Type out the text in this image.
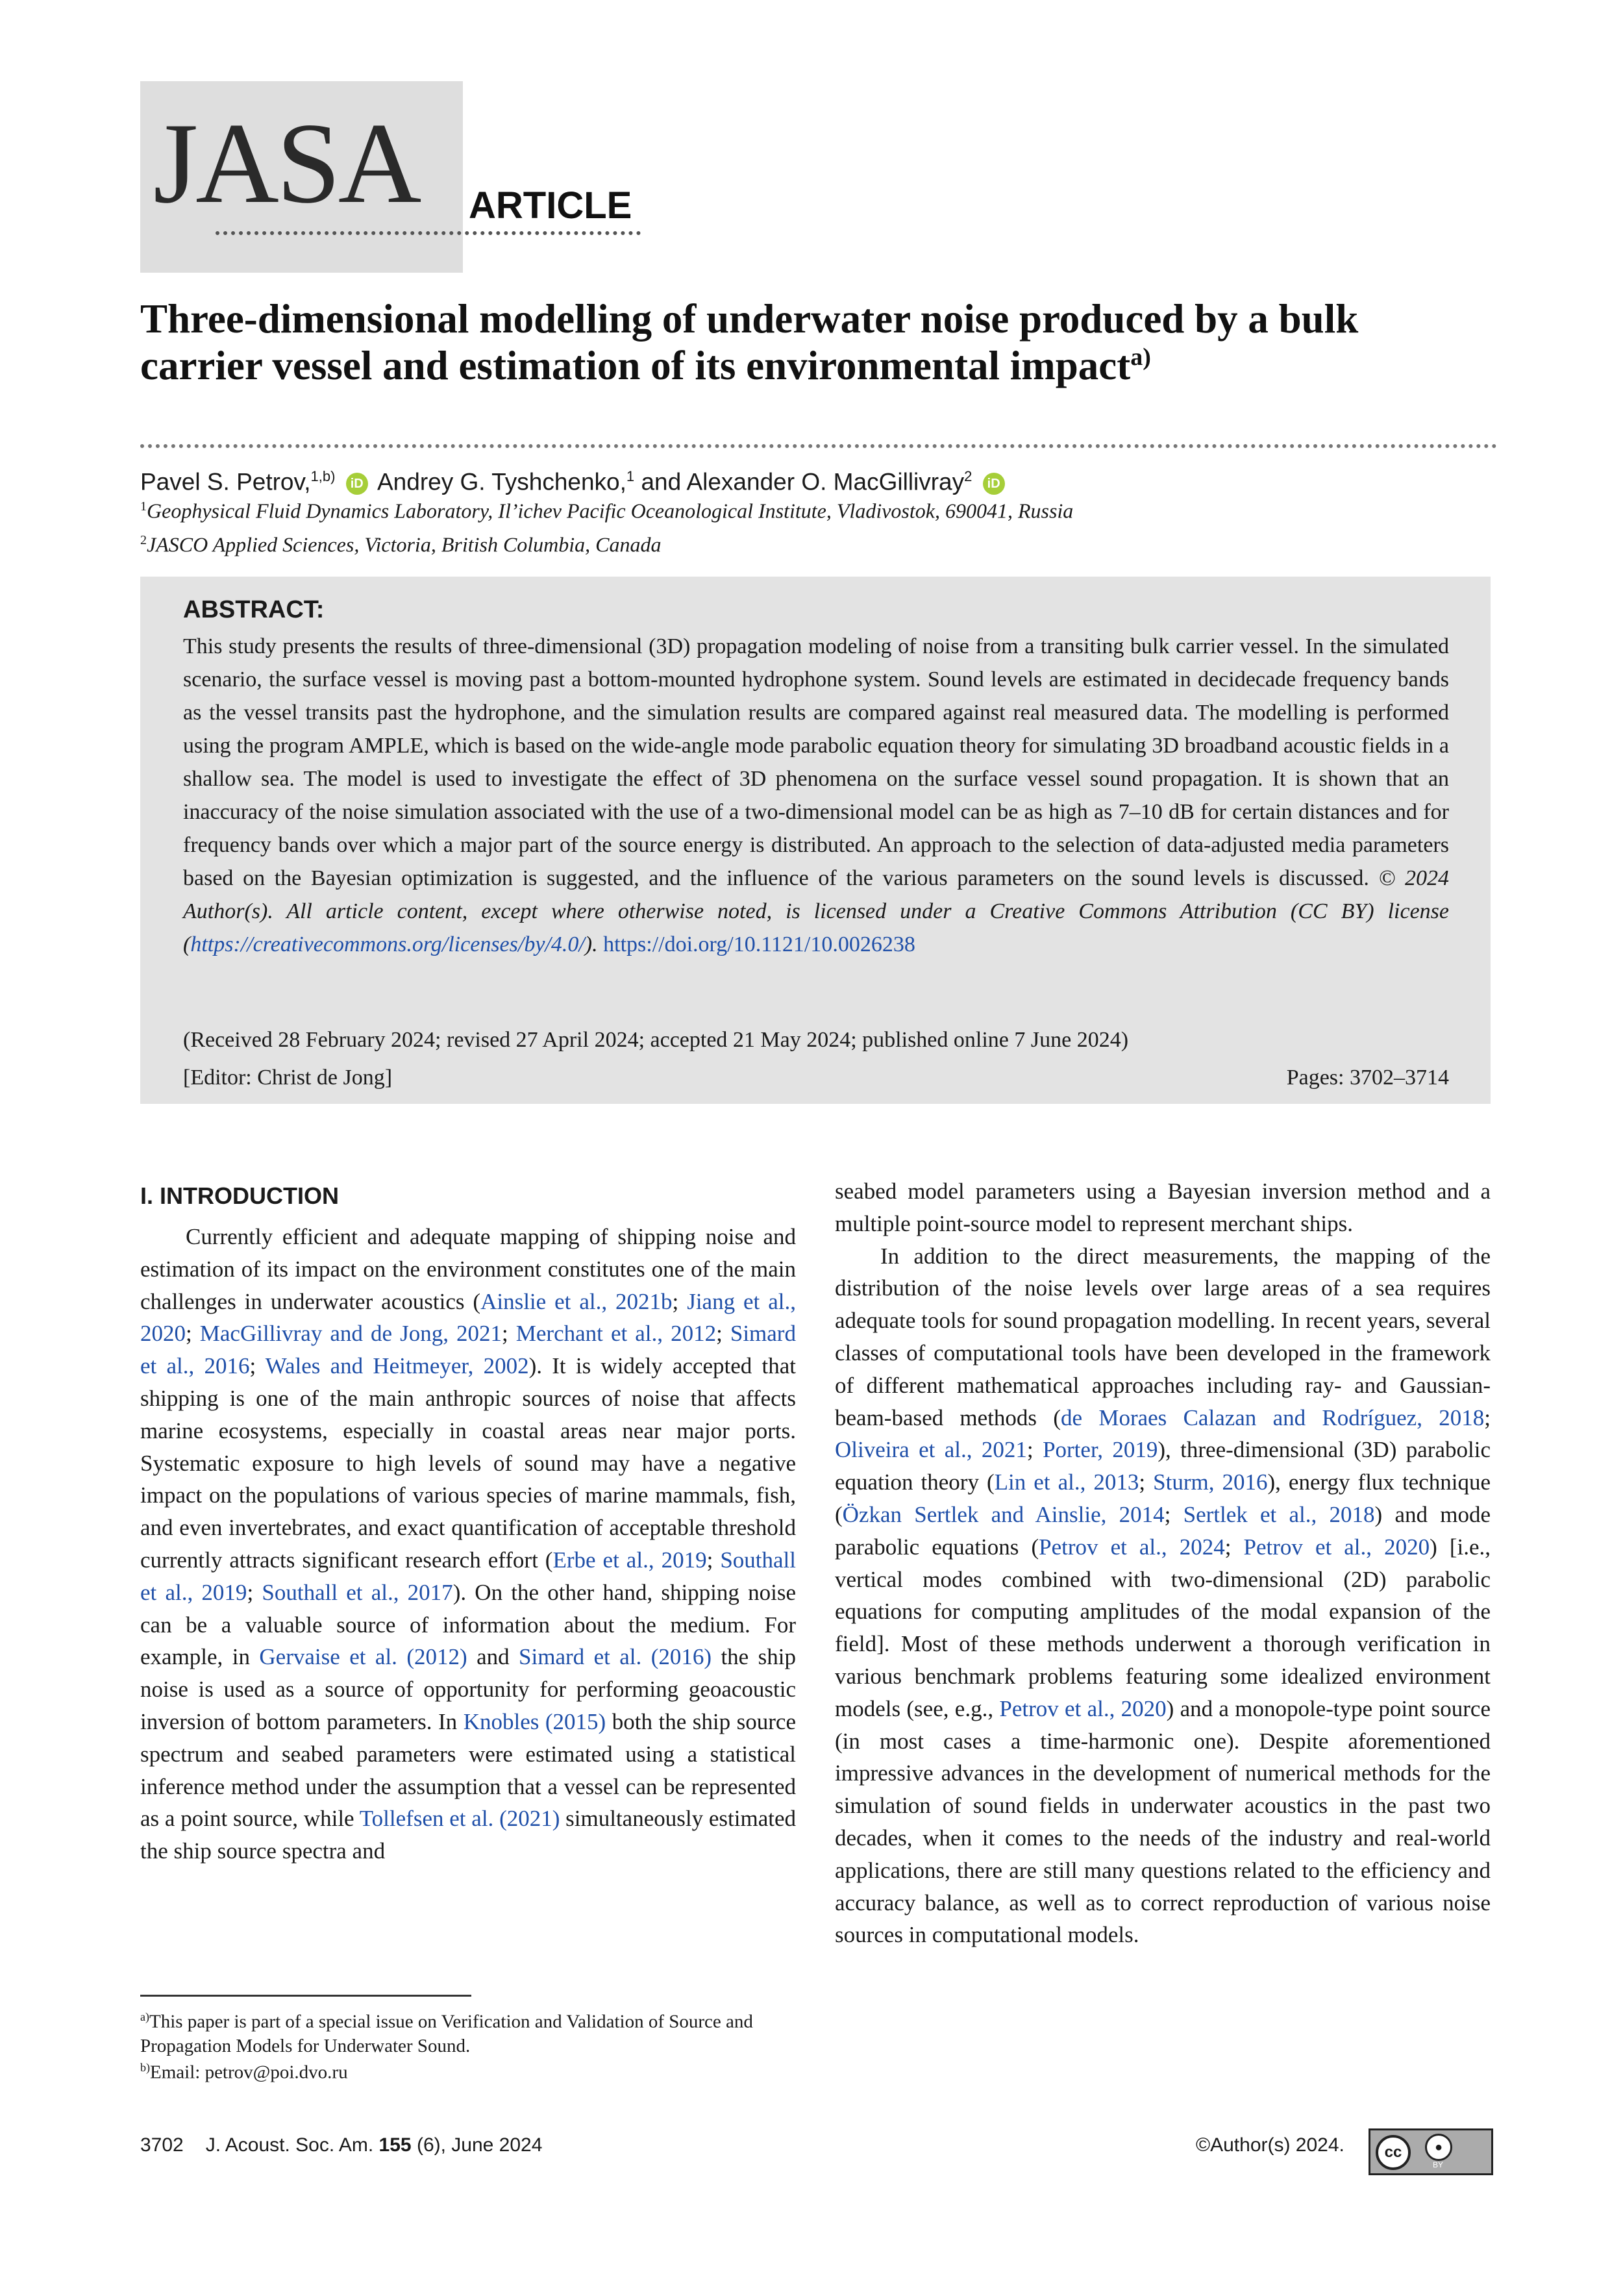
JASA ARTICLE
Three-dimensional modelling of underwater noise produced by a bulk carrier vessel and estimation of its environmental impact$^{a)}$
Pavel S. Petrov,$^{1,b)}$ iD Andrey G. Tyshchenko,$^1$ and Alexander O. MacGillivray$^2$ iD
$^1$Geophysical Fluid Dynamics Laboratory, Il’ichev Pacific Oceanological Institute, Vladivostok, 690041, Russia
$^2$JASCO Applied Sciences, Victoria, British Columbia, Canada
ABSTRACT:

This study presents the results of three-dimensional (3D) propagation modeling of noise from a transiting bulk carrier vessel. In the simulated scenario, the surface vessel is moving past a bottom-mounted hydrophone system. Sound levels are estimated in decidecade frequency bands as the vessel transits past the hydrophone, and the simulation results are compared against real measured data. The modelling is performed using the program AMPLE, which is based on the wide-angle mode parabolic equation theory for simulating 3D broadband acoustic fields in a shallow sea. The model is used to investigate the effect of 3D phenomena on the surface vessel sound propagation. It is shown that an inaccuracy of the noise simulation associated with the use of a two-dimensional model can be as high as 7–10 dB for certain distances and for frequency bands over which a major part of the source energy is distributed. An approach to the selection of data-adjusted media parameters based on the Bayesian optimization is suggested, and the influence of the various parameters on the sound levels is discussed. © 2024 Author(s). All article content, except where otherwise noted, is licensed under a Creative Commons Attribution (CC BY) license (https://creativecommons.org/licenses/by/4.0/). https://doi.org/10.1121/10.0026238

(Received 28 February 2024; revised 27 April 2024; accepted 21 May 2024; published online 7 June 2024)
[Editor: Christ de Jong]	Pages: 3702–3714
I. INTRODUCTION

Currently efficient and adequate mapping of shipping noise and estimation of its impact on the environment constitutes one of the main challenges in underwater acoustics (Ainslie et al., 2021b; Jiang et al., 2020; MacGillivray and de Jong, 2021; Merchant et al., 2012; Simard et al., 2016; Wales and Heitmeyer, 2002). It is widely accepted that shipping is one of the main anthropic sources of noise that affects marine ecosystems, especially in coastal areas near major ports. Systematic exposure to high levels of sound may have a negative impact on the populations of various species of marine mammals, fish, and even invertebrates, and exact quantification of acceptable threshold currently attracts significant research effort (Erbe et al., 2019; Southall et al., 2019; Southall et al., 2017). On the other hand, shipping noise can be a valuable source of information about the medium. For example, in Gervaise et al. (2012) and Simard et al. (2016) the ship noise is used as a source of opportunity for performing geoacoustic inversion of bottom parameters. In Knobles (2015) both the ship source spectrum and seabed parameters were estimated using a statistical inference method under the assumption that a vessel can be represented as a point source, while Tollefsen et al. (2021) simultaneously estimated the ship source spectra and

seabed model parameters using a Bayesian inversion method and a multiple point-source model to represent merchant ships.

In addition to the direct measurements, the mapping of the distribution of the noise levels over large areas of a sea requires adequate tools for sound propagation modelling. In recent years, several classes of computational tools have been developed in the framework of different mathematical approaches including ray- and Gaussian-beam-based methods (de Moraes Calazan and Rodríguez, 2018; Oliveira et al., 2021; Porter, 2019), three-dimensional (3D) parabolic equation theory (Lin et al., 2013; Sturm, 2016), energy flux technique (Özkan Sertlek and Ainslie, 2014; Sertlek et al., 2018) and mode parabolic equations (Petrov et al., 2024; Petrov et al., 2020) [i.e., vertical modes combined with two-dimensional (2D) parabolic equations for computing amplitudes of the modal expansion of the field]. Most of these methods underwent a thorough verification in various benchmark problems featuring some idealized environment models (see, e.g., Petrov et al., 2020) and a monopole-type point source (in most cases a time-harmonic one). Despite aforementioned impressive advances in the development of numerical methods for the simulation of sound fields in underwater acoustics in the past two decades, when it comes to the needs of the industry and real-world applications, there are still many questions related to the efficiency and accuracy balance, as well as to correct reproduction of various noise sources in computational models.

$^{a)}$This paper is part of a special issue on Verification and Validation of Source and Propagation Models for Underwater Sound.

$^{b)}$Email: petrov@poi.dvo.ru

3702 J. Acoust. Soc. Am. 155 (6), June 2024	©Author(s) 2024.	cc	●
BY
